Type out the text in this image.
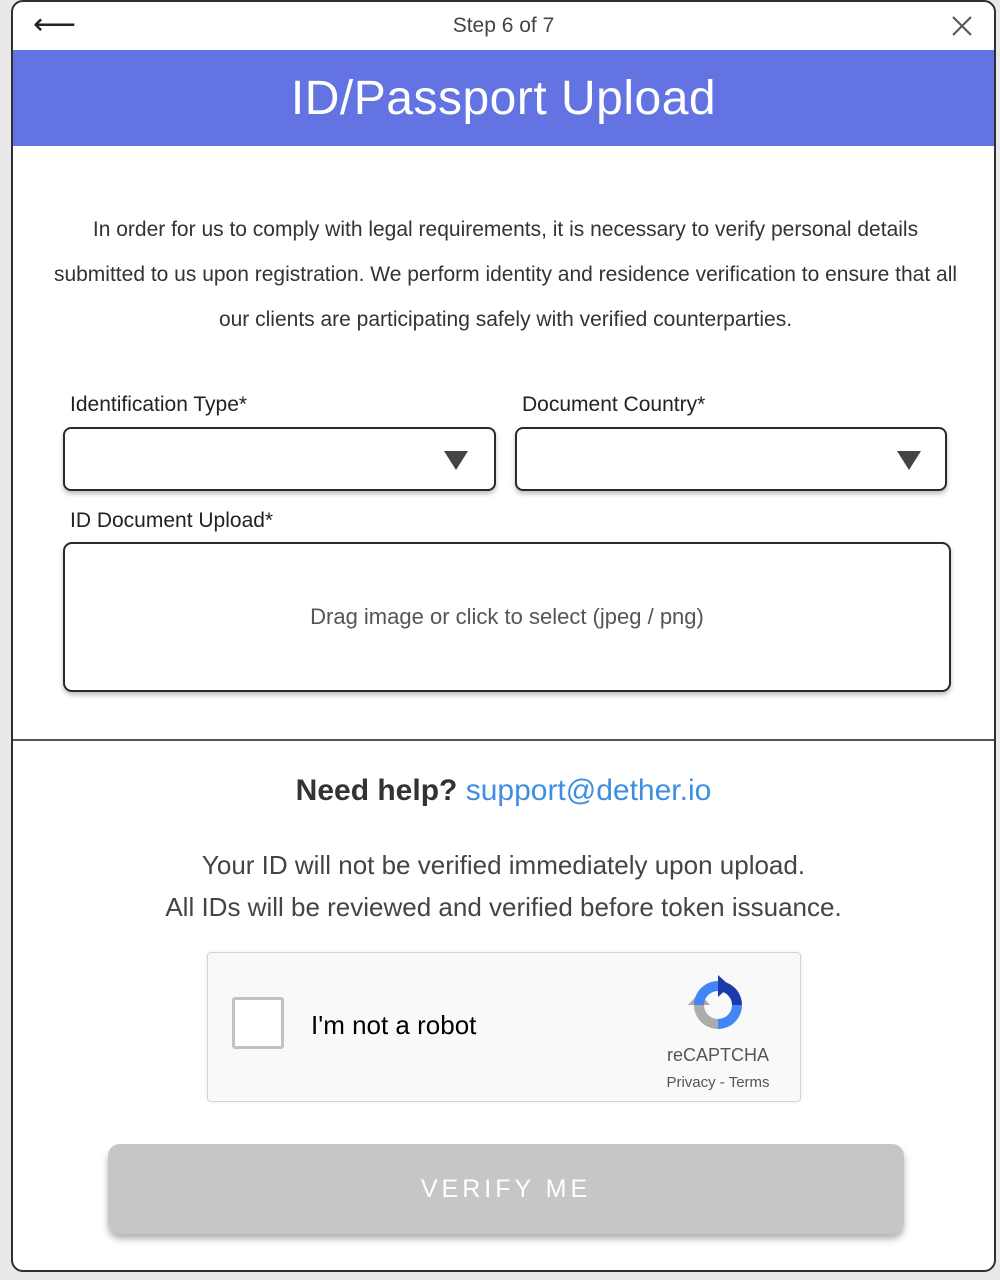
⟵	Step 6 of 7
ID/Passport Upload
In order for us to comply with legal requirements, it is necessary to verify personal details submitted to us upon registration. We perform identity and residence verification to ensure that all our clients are participating safely with verified counterparties.
Identification Type*	Document Country*
ID Document Upload*
Drag image or click to select (jpeg / png)
Need help? support@dether.io
Your ID will not be verified immediately upon upload.
All IDs will be reviewed and verified before token issuance.
I'm not a robot
reCAPTCHA
Privacy - Terms
VERIFY ME
